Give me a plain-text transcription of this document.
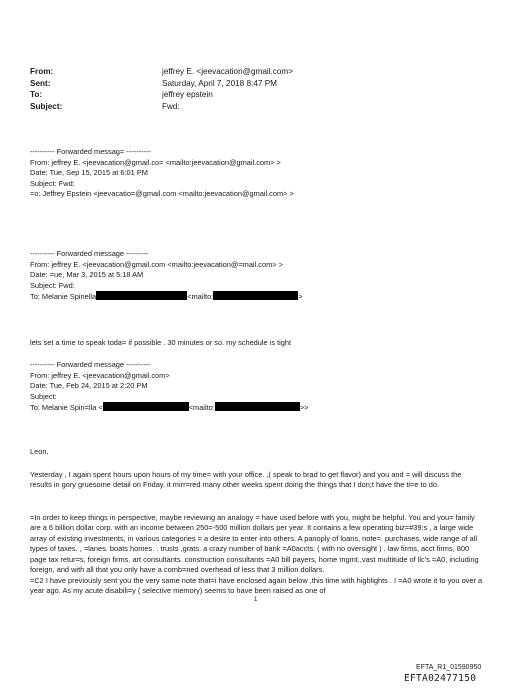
From:	jeffrey E. <jeevacation@gmail.com>
Sent:	Saturday, April 7, 2018 8:47 PM
To:	jeffrey epstein
Subject:	Fwd:
---------- Forwarded messag= ----------
From: jeffrey E. <jeevacation@gmail.co= <mailto:jeevacation@gmail.com> >
Date: Tue, Sep 15, 2015 at 6:01 PM
Subject: Fwd:
=o: Jeffrey Epstein <jeevacatio=@gmail.com <mailto:jeevacation@gmail.com> >
---------- Forwarded message ---------
From: jeffrey E. <jeevacation@gmail.com <mailto:jeevacation@=mail.com> >
Date: =ue, Mar 3, 2015 at 5:18 AM
Subject: Fwd:
To: Melanie Spinella	<mailto:	>
lets set a time to speak toda= if possible . 30 minutes or so. my schedule is tight
---------- Forwarded message ----------
From: jeffrey E. <jeevacation@gmail.com>
Date: Tue, Feb 24, 2015 at 2:20 PM
Subject:
To: Melanie Spin=lla <	<mailto:	>>
Leon,
Yesterday , I again spent hours upon hours of my time= with your office. ,( speak to brad to get flavor) and you and = will discuss the results in gory gruesome detail on Friday. it mirr=red many other weeks spent doing the things that I don;t have the ti=e to do.
=In order to keep things in perspective, maybe reviewing an analogy = have used before with you, might be helpful. You and you= family are a 6 billion dollar corp. with an income between 250=-500 million dollars per year. It contains a few operating biz=#39;s , a large wide array of existing investments, in various categories = a desire to enter into others. A panoply of loans, note=. purchases, wide range of all types of taxes. , =lanes. boats homes. . trusts ,grats. a crazy number of bank =A0accts. ( with no oversight ) . law firms, acct firms, 800 page tax retur=s, foreign firms. art consultants. construction consultants =A0 bill payers, home mgmt.,vast multitude of llc's =A0, including foreign, and with all that you only have a comb=ned overhead of less that 3 million dollars.
=C2 I have previously sent you the very same note that=i have enclosed again below ,this time with highlights . I =A0 wrote it to you over a year ago. As my acute disabili=y ( selective memory) seems to have been raised as one of
1
EFTA_R1_01590950
EFTA02477150
